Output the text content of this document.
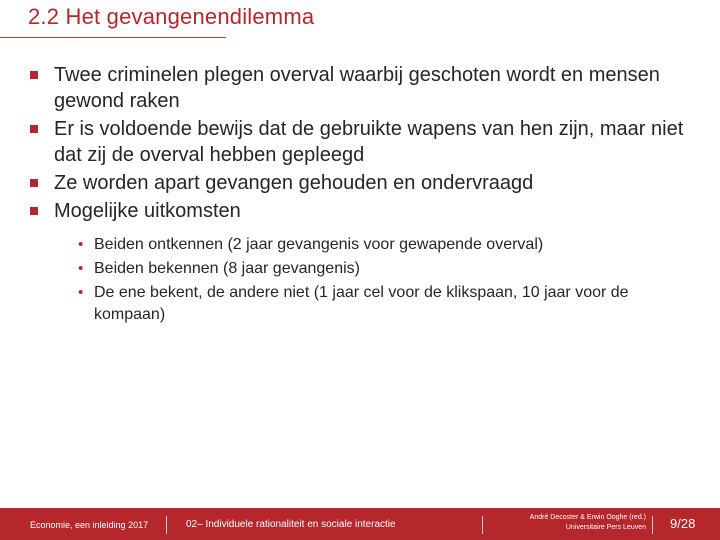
2.2 Het gevangenendilemma
Twee criminelen plegen overval waarbij geschoten wordt en mensen gewond raken
Er is voldoende bewijs dat de gebruikte wapens van hen zijn, maar niet dat zij de overval hebben gepleegd
Ze worden apart gevangen gehouden en ondervraagd
Mogelijke uitkomsten
• Beiden ontkennen (2 jaar gevangenis voor gewapende overval)
• Beiden bekennen (8 jaar gevangenis)
• De ene bekent, de andere niet (1 jaar cel voor de klikspaan, 10 jaar voor de kompaan)
Economie, een inleiding 2017	02– Individuele rationaliteit en sociale interactie
André Decoster & Erwin Ooghe (red.)
Universitaire Pers Leuven 9/28
